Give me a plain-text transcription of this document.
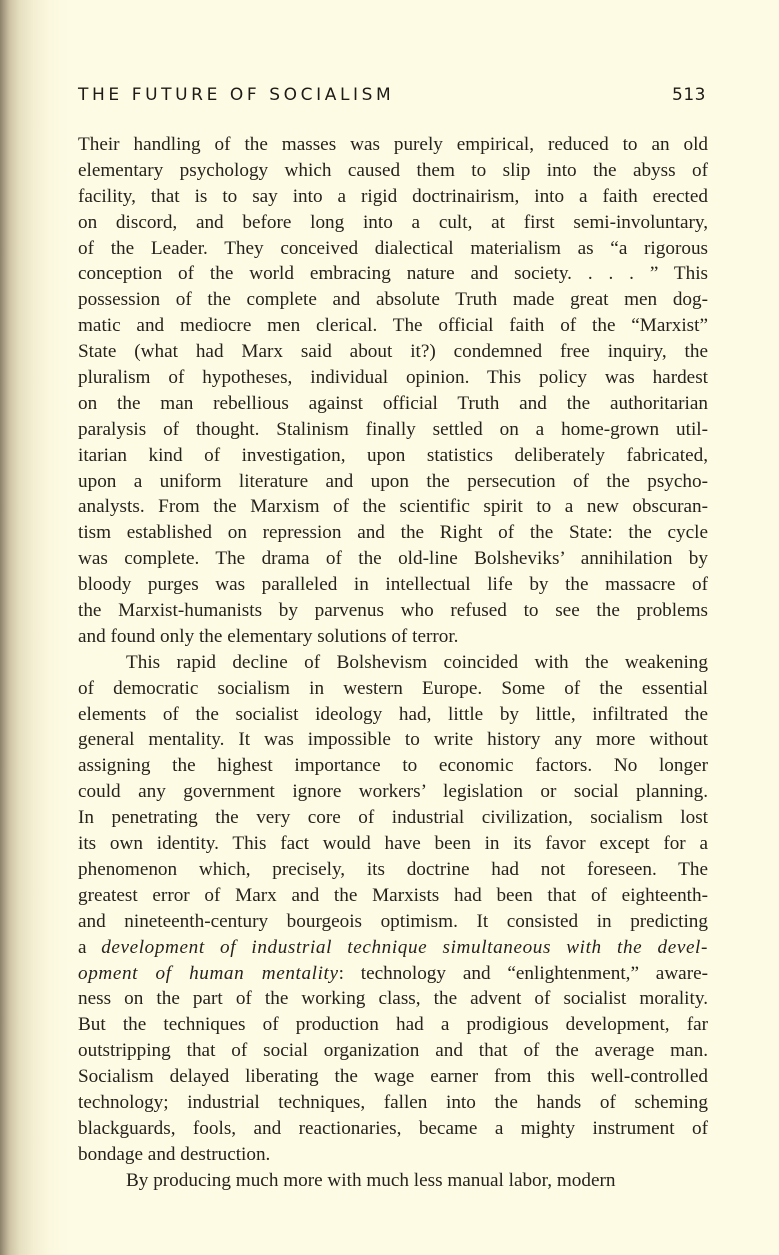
THE FUTURE OF SOCIALISM	513
Their handling of the masses was purely empirical, reduced to an old
elementary psychology which caused them to slip into the abyss of
facility, that is to say into a rigid doctrinairism, into a faith erected
on discord, and before long into a cult, at first semi-involuntary,
of the Leader. They conceived dialectical materialism as “a rigorous
conception of the world embracing nature and society. . . . ” This
possession of the complete and absolute Truth made great men dog-
matic and mediocre men clerical. The official faith of the “Marxist”
State (what had Marx said about it?) condemned free inquiry, the
pluralism of hypotheses, individual opinion. This policy was hardest
on the man rebellious against official Truth and the authoritarian
paralysis of thought. Stalinism finally settled on a home-grown util-
itarian kind of investigation, upon statistics deliberately fabricated,
upon a uniform literature and upon the persecution of the psycho-
analysts. From the Marxism of the scientific spirit to a new obscuran-
tism established on repression and the Right of the State: the cycle
was complete. The drama of the old-line Bolsheviks’ annihilation by
bloody purges was paralleled in intellectual life by the massacre of
the Marxist-humanists by parvenus who refused to see the problems
and found only the elementary solutions of terror.
This rapid decline of Bolshevism coincided with the weakening
of democratic socialism in western Europe. Some of the essential
elements of the socialist ideology had, little by little, infiltrated the
general mentality. It was impossible to write history any more without
assigning the highest importance to economic factors. No longer
could any government ignore workers’ legislation or social planning.
In penetrating the very core of industrial civilization, socialism lost
its own identity. This fact would have been in its favor except for a
phenomenon which, precisely, its doctrine had not foreseen. The
greatest error of Marx and the Marxists had been that of eighteenth-
and nineteenth-century bourgeois optimism. It consisted in predicting
a development of industrial technique simultaneous with the devel-
opment of human mentality: technology and “enlightenment,” aware-
ness on the part of the working class, the advent of socialist morality.
But the techniques of production had a prodigious development, far
outstripping that of social organization and that of the average man.
Socialism delayed liberating the wage earner from this well-controlled
technology; industrial techniques, fallen into the hands of scheming
blackguards, fools, and reactionaries, became a mighty instrument of
bondage and destruction.
By producing much more with much less manual labor, modern
